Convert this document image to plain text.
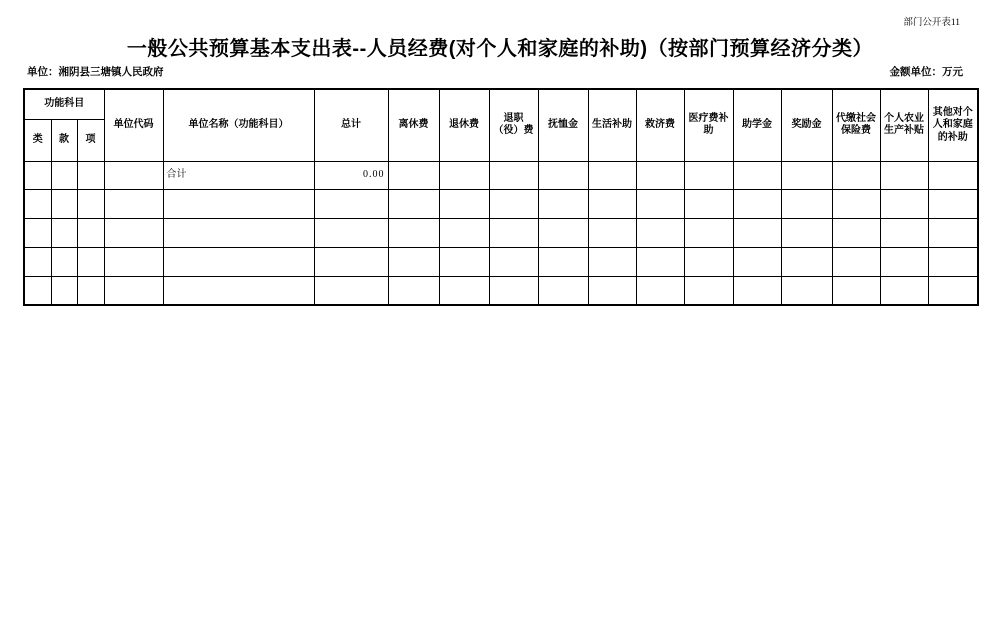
部门公开表11
一般公共预算基本支出表--人员经费(对个人和家庭的补助)（按部门预算经济分类）
单位：湘阴县三塘镇人民政府	金额单位：万元
功能科目			单位代码	单位名称（功能科目）	总计	离休费	退休费	退职（役）费	抚恤金	生活补助	救济费	医疗费补助	助学金	奖励金	代缴社会保险费	个人农业生产补贴	其他对个人和家庭的补助
类	款	项															
				合计	0.00												
